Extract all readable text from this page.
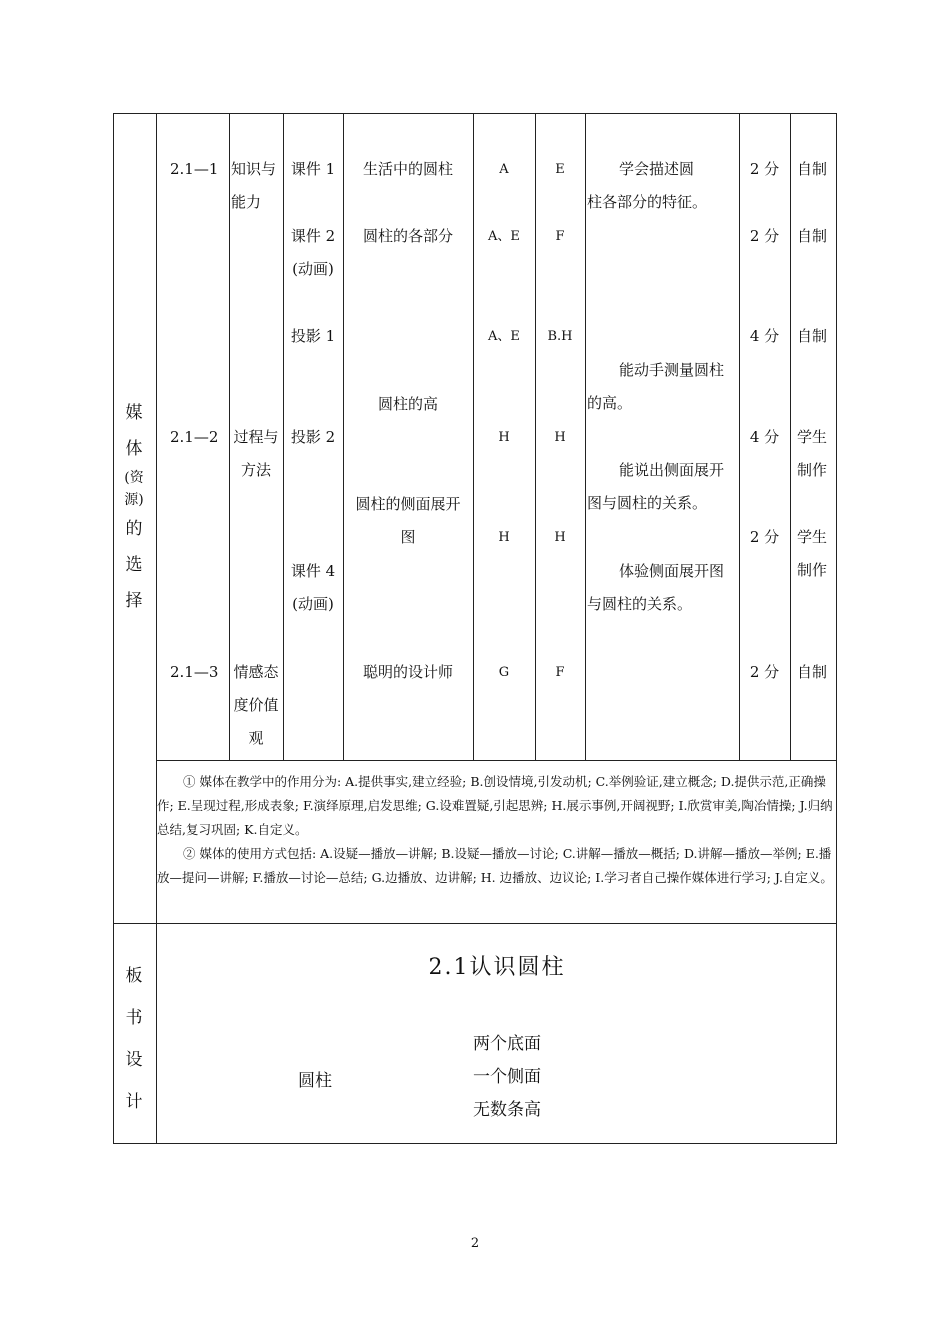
媒
体
(资
源)
的
选
择
2.1—1
2.1—2
2.1—3
知识与
能力
过程与
方法
情感态
度价值
观
课件 1
课件 2
(动画)
投影 1
投影 2
课件 4
(动画)
生活中的圆柱
圆柱的各部分
圆柱的高
圆柱的侧面展开
图
聪明的设计师
A
A、E
A、E
H
H
G
E
F
B.H
H
H
F
学会描述圆
柱各部分的特征。
能动手测量圆柱
的高。
能说出侧面展开
图与圆柱的关系。
体验侧面展开图
与圆柱的关系。
2 分
2 分
4 分
4 分
2 分
2 分
自制
自制
自制
学生
制作
学生
制作
自制

① 媒体在教学中的作用分为: A.提供事实,建立经验; B.创设情境,引发动机; C.举例验证,建立概念; D.提供示范,正确操作; E.呈现过程,形成表象; F.演绎原理,启发思维; G.设难置疑,引起思辨; H.展示事例,开阔视野; I.欣赏审美,陶冶情操; J.归纳总结,复习巩固; K.自定义。

② 媒体的使用方式包括: A.设疑—播放—讲解; B.设疑—播放—讨论; C.讲解—播放—概括; D.讲解—播放—举例; E.播放—提问—讲解; F.播放—讨论—总结; G.边播放、边讲解; H. 边播放、边议论; I.学习者自己操作媒体进行学习; J.自定义。

板
书
设
计
2.1认识圆柱
圆柱
两个底面
一个侧面
无数条高
2
